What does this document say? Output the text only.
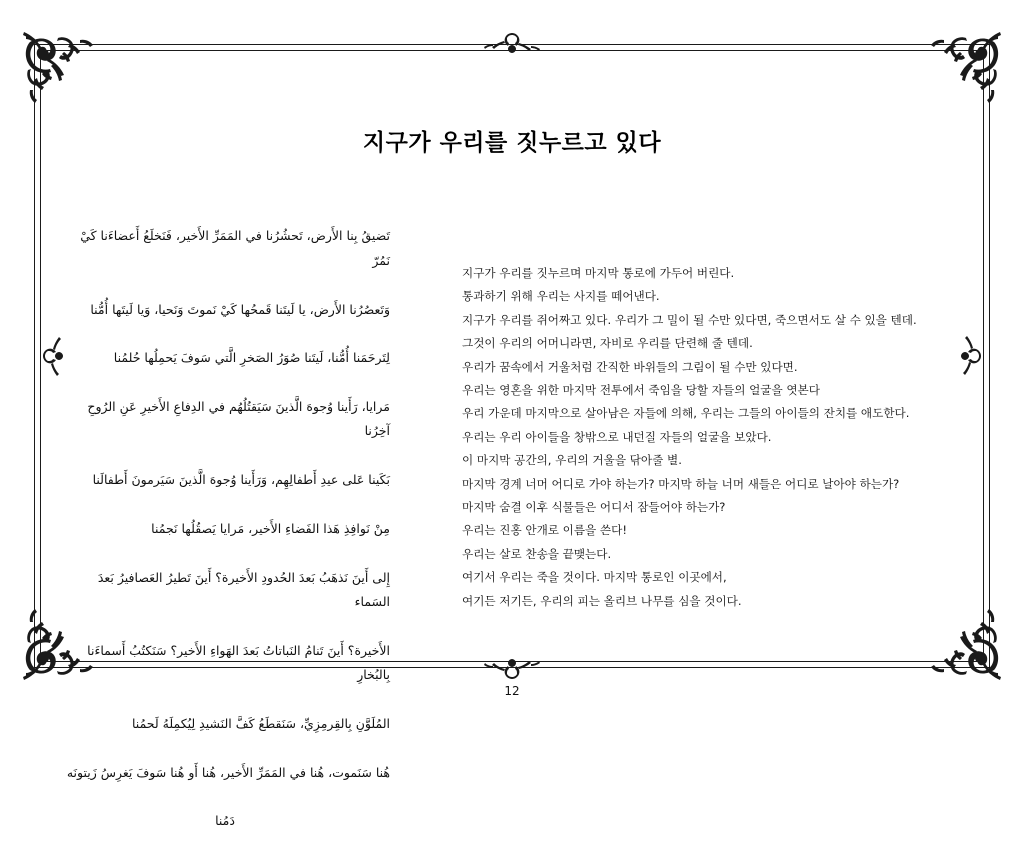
지구가 우리를 짓누르고 있다

تَضيقُ بِنا الأَرض، تَحشُرُنا في المَمَرِّ الأَخير، فَنَخلَعُ أَعضاءَنا كَيْ نَمُرّ

وَتَعصُرُنا الأَرض، يا لَيتَنا قَمحُها كَيْ نَموتَ وَنَحيا، وَيا لَيتَها أُمُّنا

لِتَرحَمَنا أُمُّنا، لَيتَنا صُوَرُ الصَخرِ الَّتي سَوفَ يَحمِلُها حُلمُنا

مَرايا، رَأَينا وُجوهَ الَّذينَ سَيَقتُلُهُم في الدِفاعِ الأَخيرِ عَنِ الرُوحِ آخِرُنا

بَكَينا عَلى عيدِ أَطفالِهِم، وَرَأَينا وُجوهَ الَّذينَ سَيَرمونَ أَطفالَنا

مِنْ نَوافِذِ هَذا الفَضاءِ الأَخير، مَرايا يَصقُلُها نَجمُنا

إِلى أَينَ نَذهَبُ بَعدَ الحُدودِ الأَخيرة؟ أَينَ تَطيرُ العَصافيرُ بَعدَ السَماء

الأَخيرة؟ أَينَ تَنامُ النَباتاتُ بَعدَ الهَواءِ الأَخير؟ سَنَكتُبُ أَسماءَنا بِالبُخارِ

المُلَوَّنِ بِالقِرمِزِيِّ، سَنَقطَعُ كَفَّ النَشيدِ لِيُكمِلَهُ لَحمُنا

هُنا سَنَموت، هُنا في المَمَرِّ الأَخير، هُنا أَو هُنا سَوفَ يَغرِسُ زَيتونَه

دَمُنا

지구가 우리를 짓누르며 마지막 통로에 가두어 버린다.
통과하기 위해 우리는 사지를 떼어낸다.
지구가 우리를 쥐어짜고 있다. 우리가 그 밀이 될 수만 있다면, 죽으면서도 살 수 있을 텐데.
그것이 우리의 어머니라면, 자비로 우리를 단련해 줄 텐데.
우리가 꿈속에서 거울처럼 간직한 바위들의 그림이 될 수만 있다면.
우리는 영혼을 위한 마지막 전투에서 죽임을 당할 자들의 얼굴을 엿본다
우리 가운데 마지막으로 살아남은 자들에 의해, 우리는 그들의 아이들의 잔치를 애도한다.
우리는 우리 아이들을 창밖으로 내던질 자들의 얼굴을 보았다.
이 마지막 공간의, 우리의 거울을 닦아줄 별.
마지막 경계 너머 어디로 가야 하는가? 마지막 하늘 너머 새들은 어디로 날아야 하는가?
마지막 숨결 이후 식물들은 어디서 잠들어야 하는가?
우리는 진홍 안개로 이름을 쓴다!
우리는 살로 찬송을 끝맺는다.
여기서 우리는 죽을 것이다. 마지막 통로인 이곳에서,
여기든 저기든, 우리의 피는 올리브 나무를 심을 것이다.
12
